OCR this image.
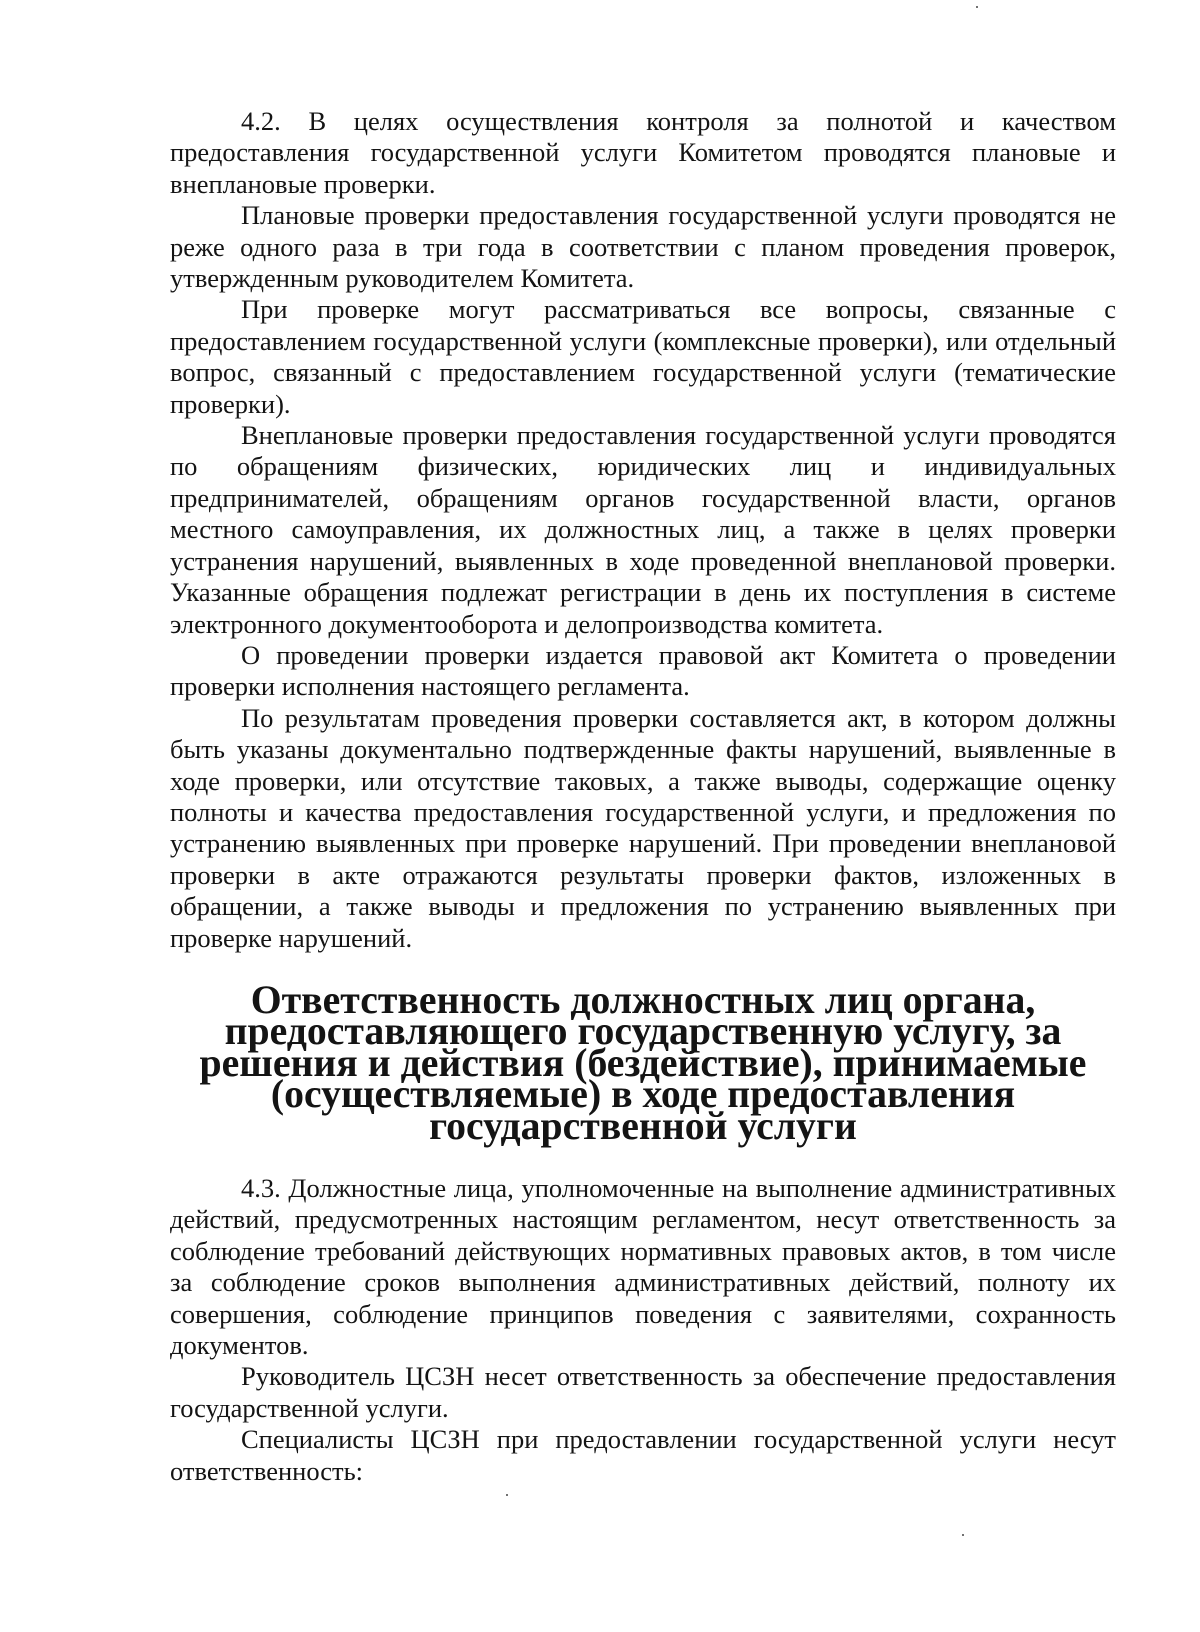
4.2. В целях осуществления контроля за полнотой и качеством предоставления государственной услуги Комитетом проводятся плановые и внеплановые проверки.

Плановые проверки предоставления государственной услуги проводятся не реже одного раза в три года в соответствии с планом проведения проверок, утвержденным руководителем Комитета.

При проверке могут рассматриваться все вопросы, связанные с предоставлением государственной услуги (комплексные проверки), или отдельный вопрос, связанный с предоставлением государственной услуги (тематические проверки).

Внеплановые проверки предоставления государственной услуги проводятся по обращениям физических, юридических лиц и индивидуальных предпринимателей, обращениям органов государственной власти, органов местного самоуправления, их должностных лиц, а также в целях проверки устранения нарушений, выявленных в ходе проведенной внеплановой проверки. Указанные обращения подлежат регистрации в день их поступления в системе электронного документооборота и делопроизводства комитета.

О проведении проверки издается правовой акт Комитета о проведении проверки исполнения настоящего регламента.

По результатам проведения проверки составляется акт, в котором должны быть указаны документально подтвержденные факты нарушений, выявленные в ходе проверки, или отсутствие таковых, а также выводы, содержащие оценку полноты и качества предоставления государственной услуги, и предложения по устранению выявленных при проверке нарушений. При проведении внеплановой проверки в акте отражаются результаты проверки фактов, изложенных в обращении, а также выводы и предложения по устранению выявленных при проверке нарушений.

Ответственность должностных лиц органа, предоставляющего государственную услугу, за решения и действия (бездействие), принимаемые (осуществляемые) в ходе предоставления государственной услуги

4.3. Должностные лица, уполномоченные на выполнение административных действий, предусмотренных настоящим регламентом, несут ответственность за соблюдение требований действующих нормативных правовых актов, в том числе за соблюдение сроков выполнения административных действий, полноту их совершения, соблюдение принципов поведения с заявителями, сохранность документов.

Руководитель ЦСЗН несет ответственность за обеспечение предоставления государственной услуги.

Специалисты ЦСЗН при предоставлении государственной услуги несут ответственность:
